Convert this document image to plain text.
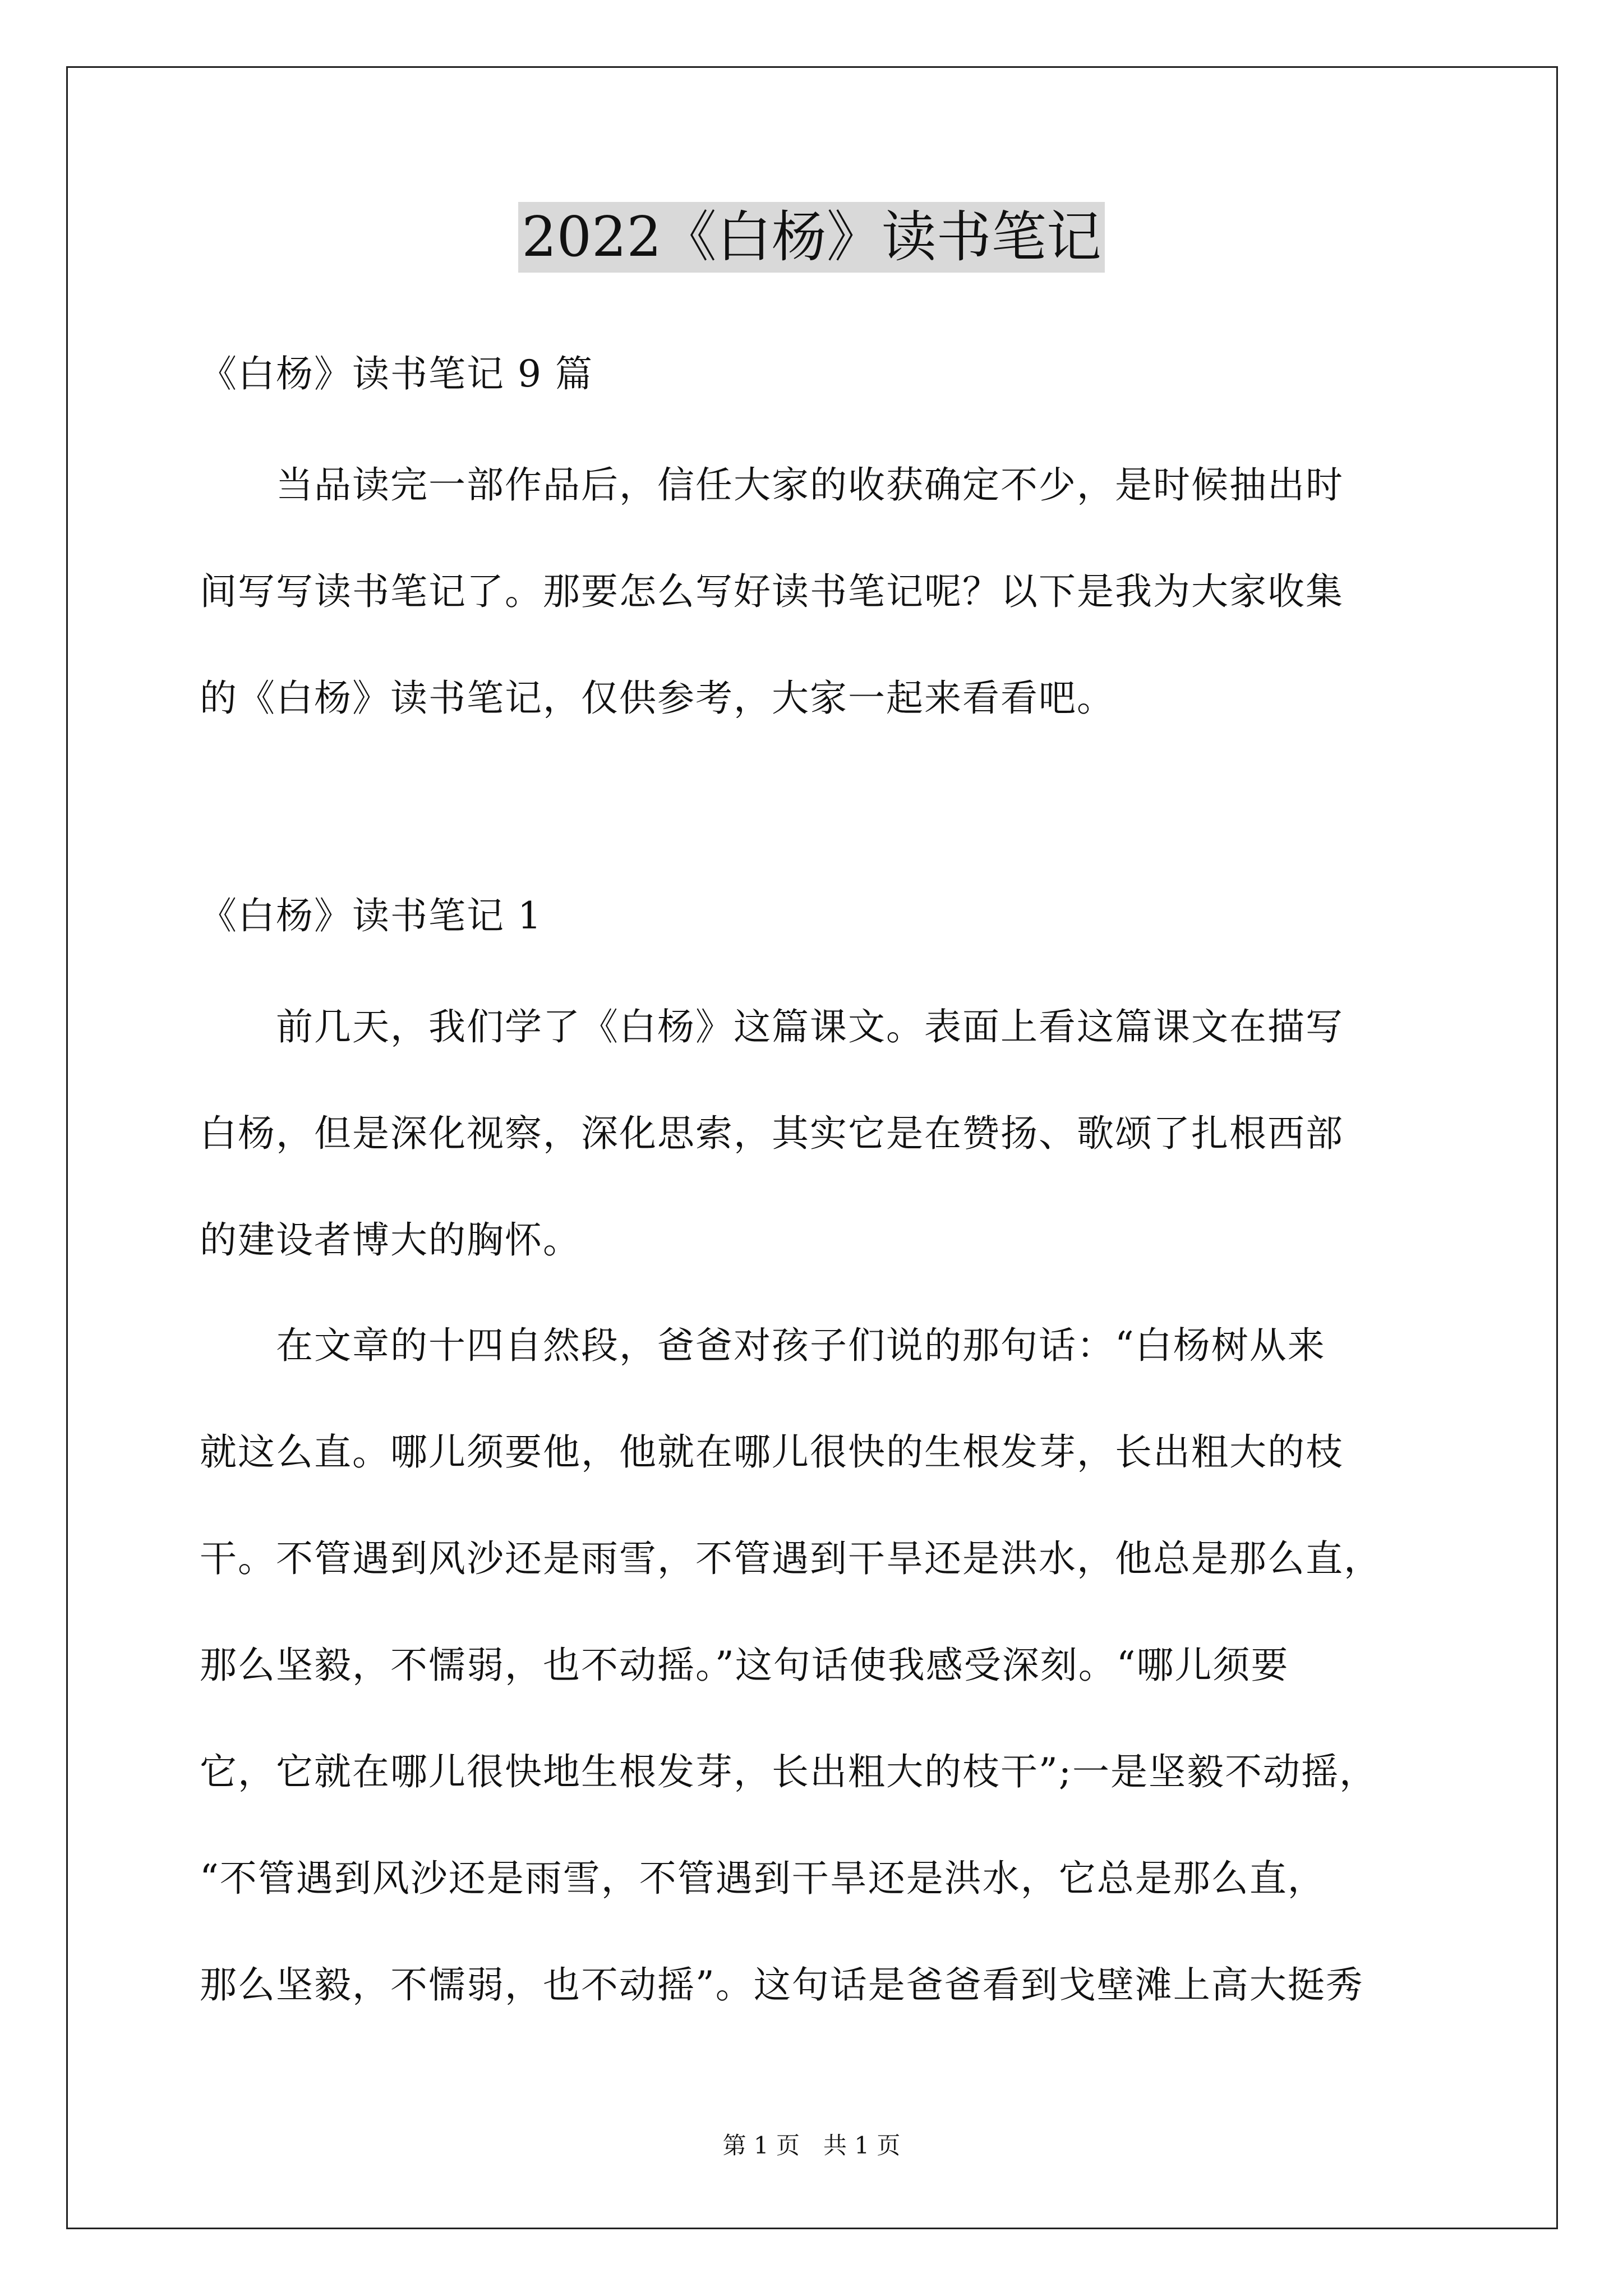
2022《白杨》读书笔记
《白杨》读书笔记 9 篇
　　当品读完一部作品后，信任大家的收获确定不少，是时候抽出时
间写写读书笔记了。那要怎么写好读书笔记呢？以下是我为大家收集
的《白杨》读书笔记，仅供参考，大家一起来看看吧。
《白杨》读书笔记 1
　　前几天，我们学了《白杨》这篇课文。表面上看这篇课文在描写
白杨，但是深化视察，深化思索，其实它是在赞扬、歌颂了扎根西部
的建设者博大的胸怀。
　　在文章的十四自然段，爸爸对孩子们说的那句话：“白杨树从来
就这么直。哪儿须要他，他就在哪儿很快的生根发芽，长出粗大的枝
干。不管遇到风沙还是雨雪，不管遇到干旱还是洪水，他总是那么直，
那么坚毅，不懦弱，也不动摇。”这句话使我感受深刻。“哪儿须要
它，它就在哪儿很快地生根发芽，长出粗大的枝干”;一是坚毅不动摇，
“不管遇到风沙还是雨雪，不管遇到干旱还是洪水，它总是那么直，
那么坚毅，不懦弱，也不动摇”。这句话是爸爸看到戈壁滩上高大挺秀
第 1 页　共 1 页
